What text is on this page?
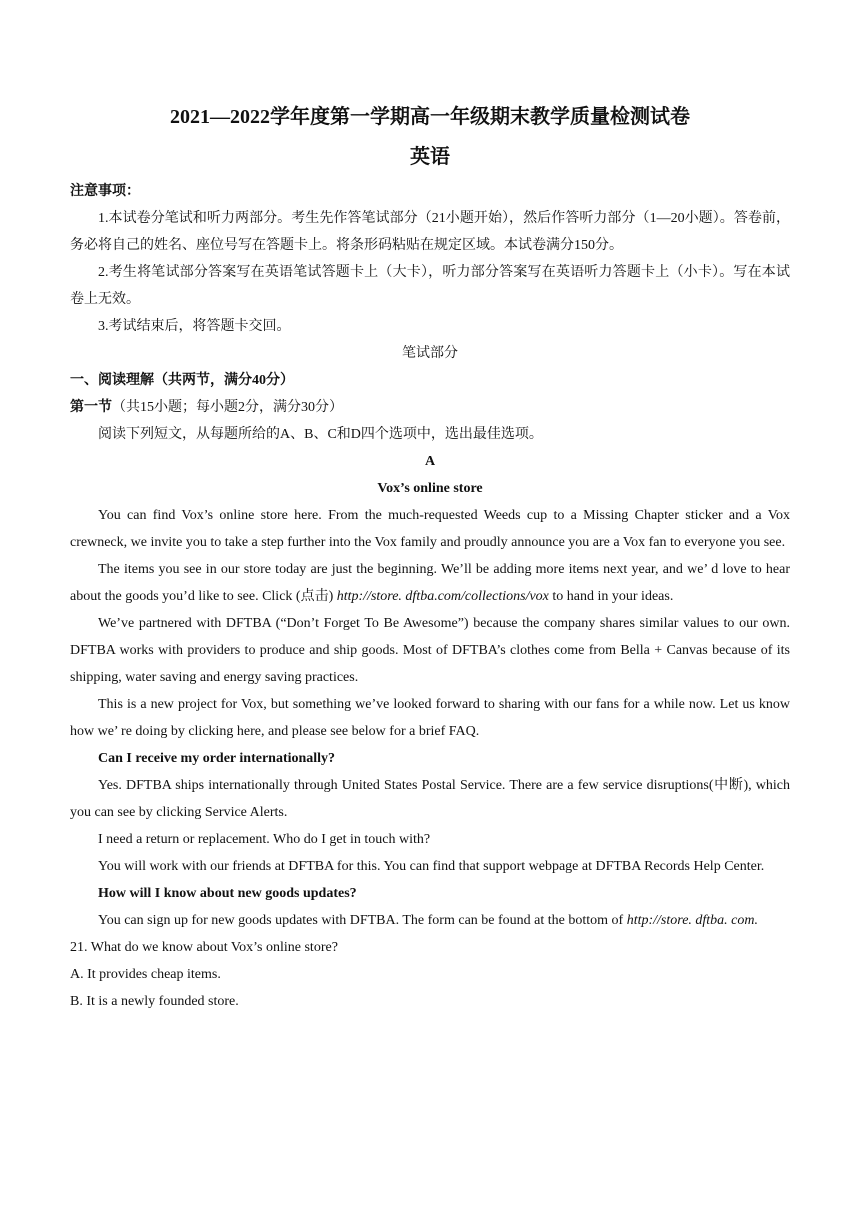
2021—2022学年度第一学期高一年级期末教学质量检测试卷

英语

注意事项：

1.本试卷分笔试和听力两部分。考生先作答笔试部分（21小题开始），然后作答听力部分（1—20小题）。答卷前，务必将自己的姓名、座位号写在答题卡上。将条形码粘贴在规定区域。本试卷满分150分。

2.考生将笔试部分答案写在英语笔试答题卡上（大卡），听力部分答案写在英语听力答题卡上（小卡）。写在本试卷上无效。

3.考试结束后，将答题卡交回。

笔试部分

一、阅读理解（共两节，满分40分）

第一节（共15小题；每小题2分，满分30分）

阅读下列短文，从每题所给的A、B、C和D四个选项中，选出最佳选项。

A

Vox’s online store

You can find Vox’s online store here. From the much-requested Weeds cup to a Missing Chapter sticker and a Vox crewneck, we invite you to take a step further into the Vox family and proudly announce you are a Vox fan to everyone you see.

The items you see in our store today are just the beginning. We’ll be adding more items next year, and we’ d love to hear about the goods you’d like to see. Click (点击) http://store. dftba.com/collections/vox to hand in your ideas.

We’ve partnered with DFTBA (“Don’t Forget To Be Awesome”) because the company shares similar values to our own. DFTBA works with providers to produce and ship goods. Most of DFTBA’s clothes come from Bella + Canvas because of its shipping, water saving and energy saving practices.

This is a new project for Vox, but something we’ve looked forward to sharing with our fans for a while now. Let us know how we’ re doing by clicking here, and please see below for a brief FAQ.

Can I receive my order internationally?

Yes. DFTBA ships internationally through United States Postal Service. There are a few service disruptions(中断), which you can see by clicking Service Alerts.

I need a return or replacement. Who do I get in touch with?

You will work with our friends at DFTBA for this. You can find that support webpage at DFTBA Records Help Center.

How will I know about new goods updates?

You can sign up for new goods updates with DFTBA. The form can be found at the bottom of http://store. dftba. com.

21. What do we know about Vox’s online store?

A. It provides cheap items.

B. It is a newly founded store.
